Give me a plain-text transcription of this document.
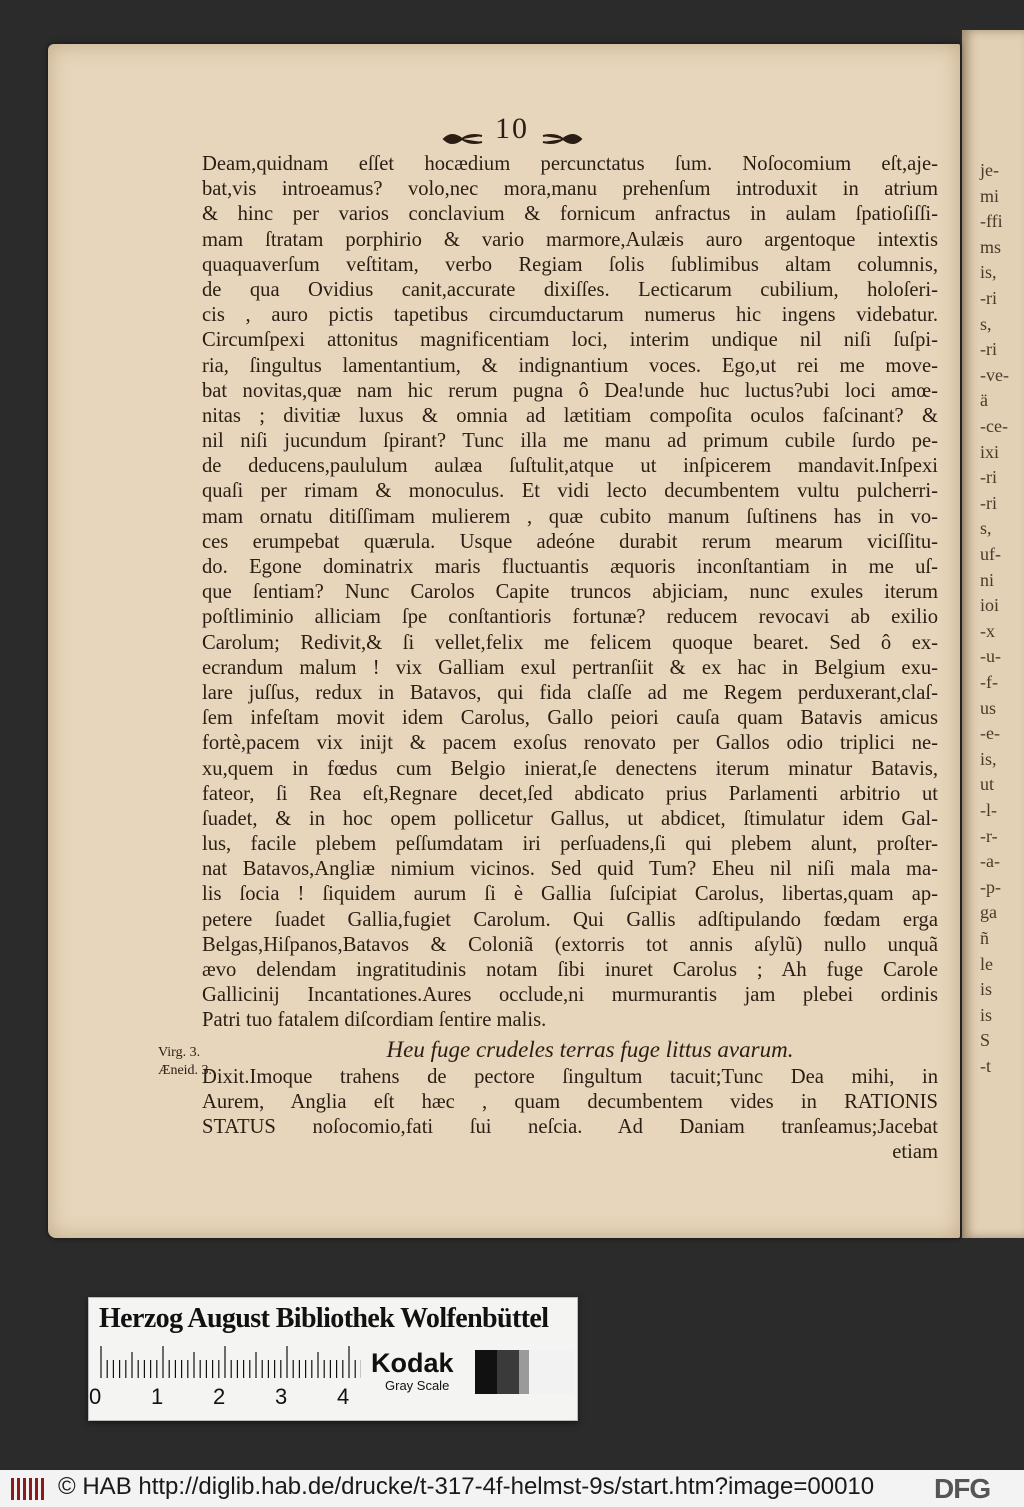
je-
mi
-ffi
ms
is,
-ri
s,
-ri
-ve-
ä
-ce-
ixi
-ri
-ri
s,
uf-
ni
ioi
-x
-u-
-f-
us
-e-
is,
ut
-l-
-r-
-a-
-p-
ga
ñ
le
is
is
S
-t
10
Deam,quidnam eſſet hocædium percunctatus ſum. Noſocomium eſt,aje-
bat,vis introeamus? volo,nec mora,manu prehenſum introduxit in atrium
& hinc per varios conclavium & fornicum anfractus in aulam ſpatioſiſſi-
mam ſtratam porphirio & vario marmore,Aulæis auro argentoque intextis
quaquaverſum veſtitam, verbo Regiam ſolis ſublimibus altam columnis,
de qua Ovidius canit,accurate dixiſſes. Lecticarum cubilium, holoſeri-
cis , auro pictis tapetibus circumductarum numerus hic ingens videbatur.
Circumſpexi attonitus magnificentiam loci, interim undique nil niſi ſuſpi-
ria, ſingultus lamentantium, & indignantium voces. Ego,ut rei me move-
bat novitas,quæ nam hic rerum pugna ô Dea!unde huc luctus?ubi loci amœ-
nitas ; divitiæ luxus & omnia ad lætitiam compoſita oculos faſcinant? &
nil niſi jucundum ſpirant? Tunc illa me manu ad primum cubile ſurdo pe-
de deducens,paululum aulæa ſuſtulit,atque ut inſpicerem mandavit.Inſpexi
quaſi per rimam & monoculus. Et vidi lecto decumbentem vultu pulcherri-
mam ornatu ditiſſimam mulierem , quæ cubito manum ſuſtinens has in vo-
ces erumpebat quærula. Usque adeóne durabit rerum mearum viciſſitu-
do. Egone dominatrix maris fluctuantis æquoris inconſtantiam in me uſ-
que ſentiam? Nunc Carolos Capite truncos abjiciam, nunc exules iterum
poſtliminio alliciam ſpe conſtantioris fortunæ? reducem revocavi ab exilio
Carolum; Redivit,& ſi vellet,felix me felicem quoque bearet. Sed ô ex-
ecrandum malum ! vix Galliam exul pertranſiit & ex hac in Belgium exu-
lare juſſus, redux in Batavos, qui fida claſſe ad me Regem perduxerant,claſ-
ſem infeſtam movit idem Carolus, Gallo peiori cauſa quam Batavis amicus
fortè,pacem vix inijt & pacem exoſus renovato per Gallos odio triplici ne-
xu,quem in fœdus cum Belgio inierat,ſe denectens iterum minatur Batavis,
fateor, ſi Rea eſt,Regnare decet,ſed abdicato prius Parlamenti arbitrio ut
ſuadet, & in hoc opem pollicetur Gallus, ut abdicet, ſtimulatur idem Gal-
lus, facile plebem peſſumdatam iri perſuadens,ſi qui plebem alunt, proſter-
nat Batavos,Angliæ nimium vicinos. Sed quid Tum? Eheu nil niſi mala ma-
lis ſocia ! ſiquidem aurum ſi è Gallia ſuſcipiat Carolus, libertas,quam ap-
petere ſuadet Gallia,fugiet Carolum. Qui Gallis adſtipulando fœdam erga
Belgas,Hiſpanos,Batavos & Coloniã (extorris tot annis aſylũ) nullo unquã
ævo delendam ingratitudinis notam ſibi inuret Carolus ; Ah fuge Carole
Gallicinij Incantationes.Aures occlude,ni murmurantis jam plebei ordinis
Patri tuo fatalem diſcordiam ſentire malis.
Heu fuge crudeles terras fuge littus avarum.
Dixit.Imoque trahens de pectore ſingultum tacuit;Tunc Dea mihi, in
Aurem, Anglia eſt hæc , quam decumbentem vides in RATIONIS
STATUS noſocomio,fati ſui neſcia. Ad Daniam tranſeamus;Jacebat
etiam
Virg. 3.
Æneid. 3.
Herzog August Bibliothek Wolfenbüttel
0 1 2 3 4
Kodak
Gray Scale
© HAB http://diglib.hab.de/drucke/t-317-4f-helmst-9s/start.htm?image=00010 DFG
